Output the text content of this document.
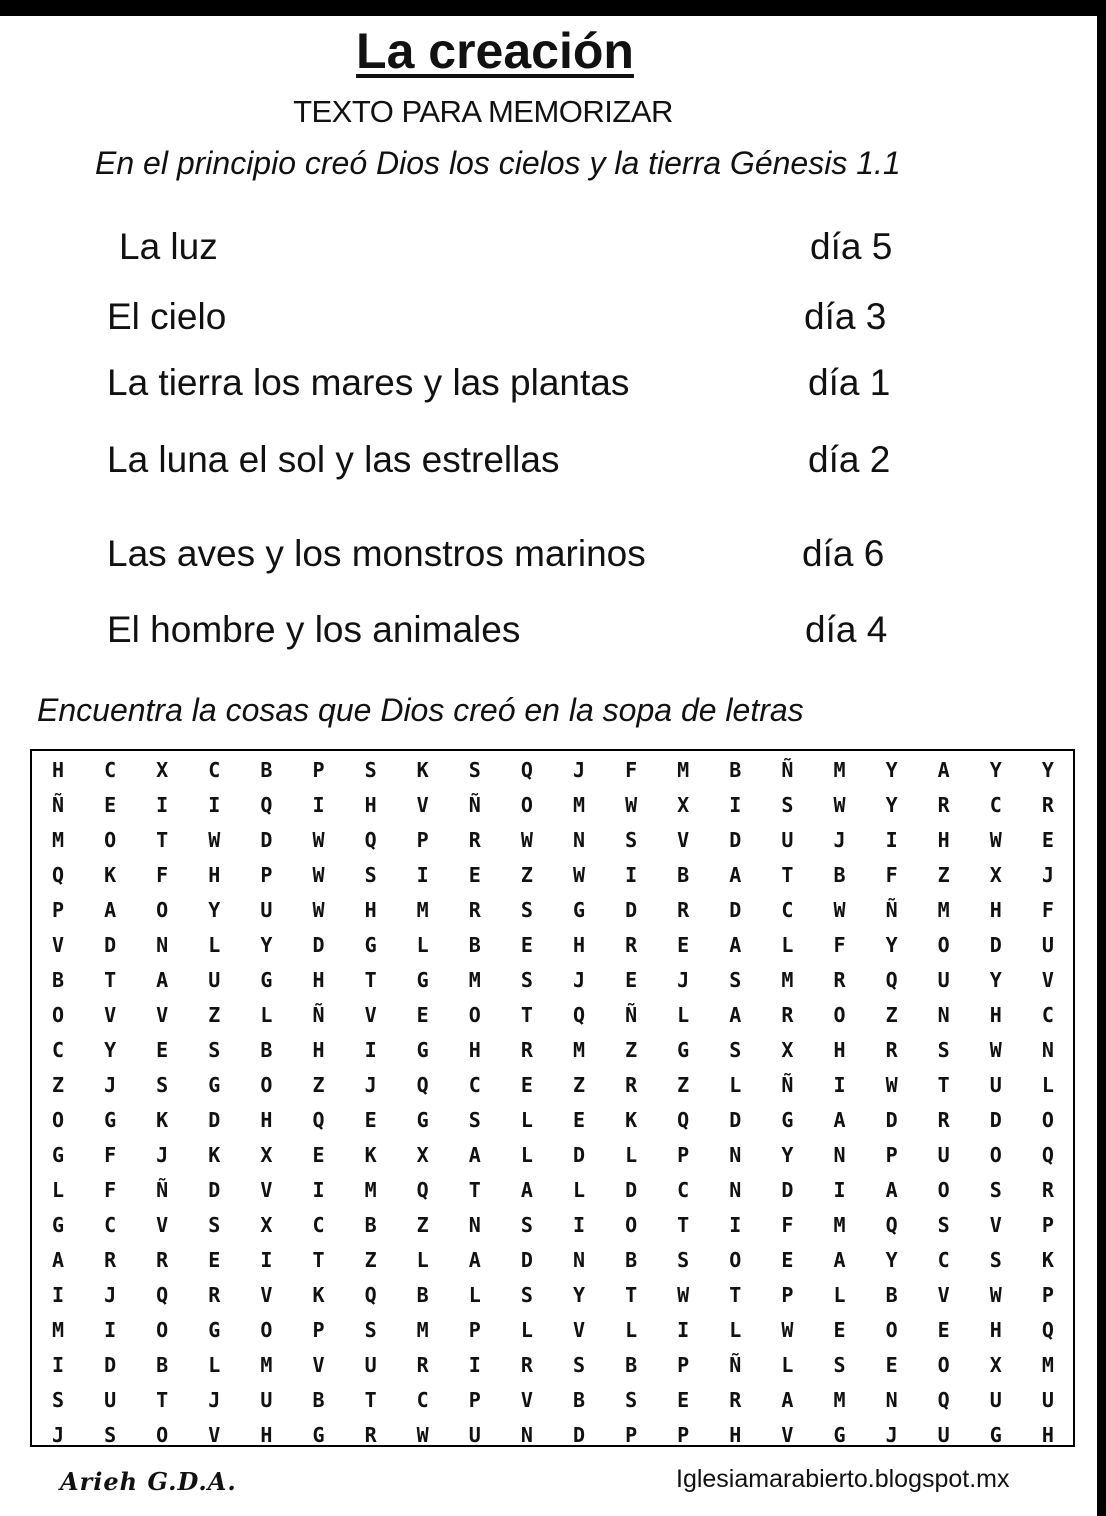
La creación
TEXTO PARA MEMORIZAR
En el principio creó Dios los cielos y la tierra Génesis 1.1
La luz	día 5
El cielo	día 3
La tierra los mares y las plantas	día 1
La luna el sol y las estrellas	día 2
Las aves y los monstros marinos	día 6
El hombre y los animales	día 4
Encuentra la cosas que Dios creó en la sopa de letras
H	C	X	C	B	P	S	K	S	Q	J	F	M	B	Ñ	M	Y	A	Y	Y
Ñ	E	I	I	Q	I	H	V	Ñ	O	M	W	X	I	S	W	Y	R	C	R
M	O	T	W	D	W	Q	P	R	W	N	S	V	D	U	J	I	H	W	E
Q	K	F	H	P	W	S	I	E	Z	W	I	B	A	T	B	F	Z	X	J
P	A	O	Y	U	W	H	M	R	S	G	D	R	D	C	W	Ñ	M	H	F
V	D	N	L	Y	D	G	L	B	E	H	R	E	A	L	F	Y	O	D	U
B	T	A	U	G	H	T	G	M	S	J	E	J	S	M	R	Q	U	Y	V
O	V	V	Z	L	Ñ	V	E	O	T	Q	Ñ	L	A	R	O	Z	N	H	C
C	Y	E	S	B	H	I	G	H	R	M	Z	G	S	X	H	R	S	W	N
Z	J	S	G	O	Z	J	Q	C	E	Z	R	Z	L	Ñ	I	W	T	U	L
O	G	K	D	H	Q	E	G	S	L	E	K	Q	D	G	A	D	R	D	O
G	F	J	K	X	E	K	X	A	L	D	L	P	N	Y	N	P	U	O	Q
L	F	Ñ	D	V	I	M	Q	T	A	L	D	C	N	D	I	A	O	S	R
G	C	V	S	X	C	B	Z	N	S	I	O	T	I	F	M	Q	S	V	P
A	R	R	E	I	T	Z	L	A	D	N	B	S	O	E	A	Y	C	S	K
I	J	Q	R	V	K	Q	B	L	S	Y	T	W	T	P	L	B	V	W	P
M	I	O	G	O	P	S	M	P	L	V	L	I	L	W	E	O	E	H	Q
I	D	B	L	M	V	U	R	I	R	S	B	P	Ñ	L	S	E	O	X	M
S	U	T	J	U	B	T	C	P	V	B	S	E	R	A	M	N	Q	U	U
J	S	O	V	H	G	R	W	U	N	D	P	P	H	V	G	J	U	G	H
Arieh G.D.A.	Iglesiamarabierto.blogspot.mx
